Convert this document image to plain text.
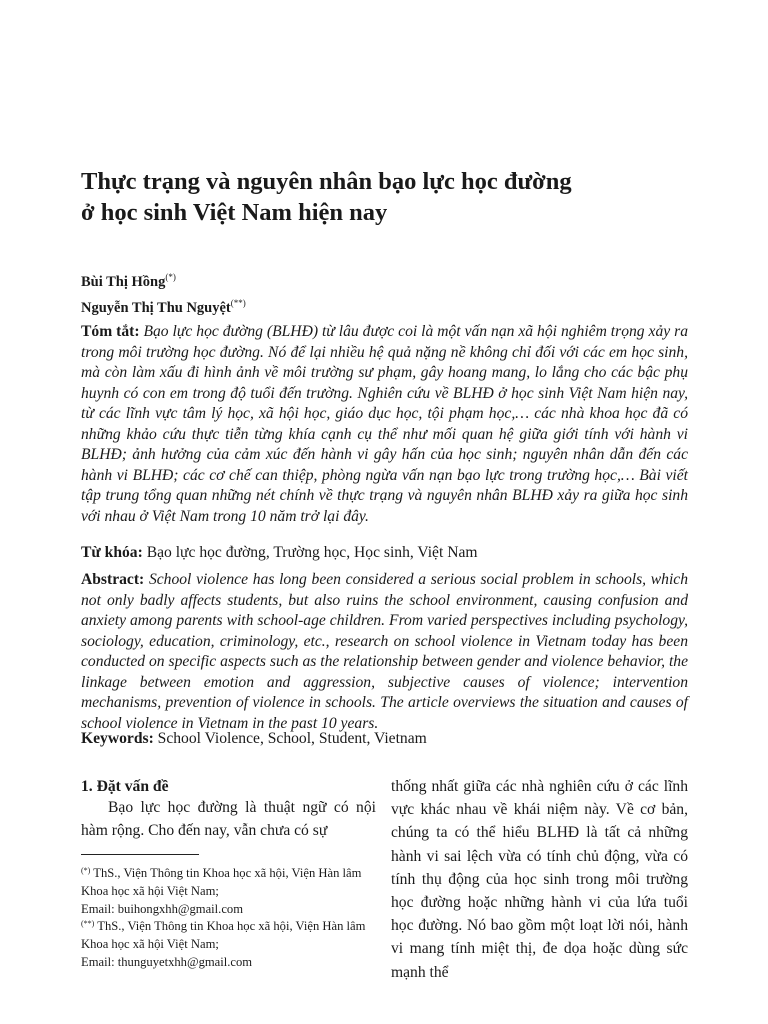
Thực trạng và nguyên nhân bạo lực học đường
ở học sinh Việt Nam hiện nay

Bùi Thị Hồng(*)

Nguyễn Thị Thu Nguyệt(**)

Tóm tắt: Bạo lực học đường (BLHĐ) từ lâu được coi là một vấn nạn xã hội nghiêm trọng xảy ra trong môi trường học đường. Nó để lại nhiều hệ quả nặng nề không chỉ đối với các em học sinh, mà còn làm xấu đi hình ảnh về môi trường sư phạm, gây hoang mang, lo lắng cho các bậc phụ huynh có con em trong độ tuổi đến trường. Nghiên cứu về BLHĐ ở học sinh Việt Nam hiện nay, từ các lĩnh vực tâm lý học, xã hội học, giáo dục học, tội phạm học,… các nhà khoa học đã có những khảo cứu thực tiễn từng khía cạnh cụ thể như mối quan hệ giữa giới tính với hành vi BLHĐ; ảnh hưởng của cảm xúc đến hành vi gây hấn của học sinh; nguyên nhân dẫn đến các hành vi BLHĐ; các cơ chế can thiệp, phòng ngừa vấn nạn bạo lực trong trường học,… Bài viết tập trung tổng quan những nét chính về thực trạng và nguyên nhân BLHĐ xảy ra giữa học sinh với nhau ở Việt Nam trong 10 năm trở lại đây.

Từ khóa: Bạo lực học đường, Trường học, Học sinh, Việt Nam

Abstract: School violence has long been considered a serious social problem in schools, which not only badly affects students, but also ruins the school environment, causing confusion and anxiety among parents with school-age children. From varied perspectives including psychology, sociology, education, criminology, etc., research on school violence in Vietnam today has been conducted on specific aspects such as the relationship between gender and violence behavior, the linkage between emotion and aggression, subjective causes of violence; intervention mechanisms, prevention of violence in schools. The article overviews the situation and causes of school violence in Vietnam in the past 10 years.

Keywords: School Violence, School, Student, Vietnam

1. Đặt vấn đề

Bạo lực học đường là thuật ngữ có nội hàm rộng. Cho đến nay, vẫn chưa có sự

(*) ThS., Viện Thông tin Khoa học xã hội, Viện Hàn lâm Khoa học xã hội Việt Nam;
Email: buihongxhh@gmail.com

(**) ThS., Viện Thông tin Khoa học xã hội, Viện Hàn lâm Khoa học xã hội Việt Nam;
Email: thunguyetxhh@gmail.com

thống nhất giữa các nhà nghiên cứu ở các lĩnh vực khác nhau về khái niệm này. Về cơ bản, chúng ta có thể hiểu BLHĐ là tất cả những hành vi sai lệch vừa có tính chủ động, vừa có tính thụ động của học sinh trong môi trường học đường hoặc những hành vi của lứa tuổi học đường. Nó bao gồm một loạt lời nói, hành vi mang tính miệt thị, đe dọa hoặc dùng sức mạnh thể
